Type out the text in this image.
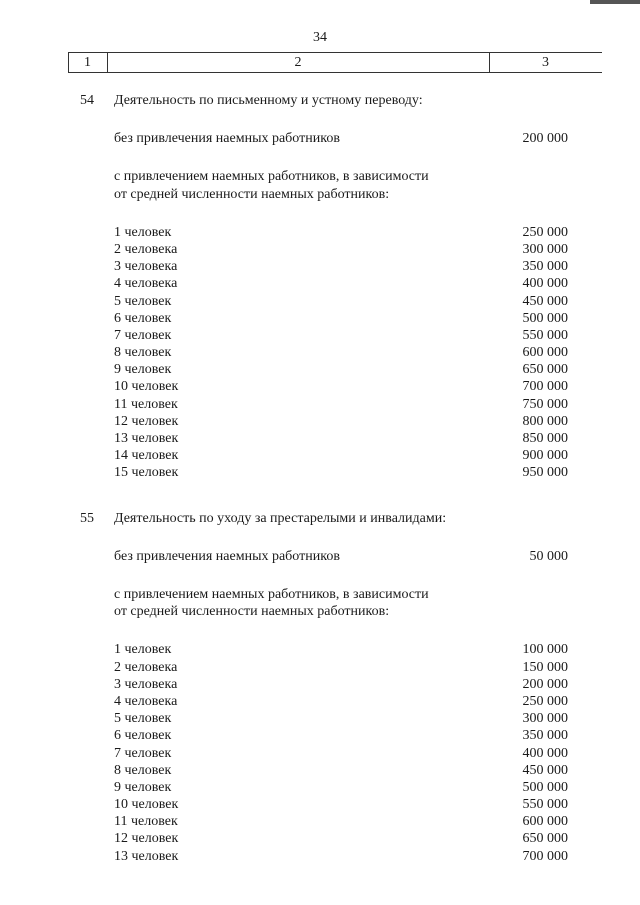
34
1	2	3
54	Деятельность по письменному и устному переводу:
без привлечения наемных работников	200 000
с привлечением наемных работников, в зависимости
от средней численности наемных работников:
1 человек	250 000
2 человека	300 000
3 человека	350 000
4 человека	400 000
5 человек	450 000
6 человек	500 000
7 человек	550 000
8 человек	600 000
9 человек	650 000
10 человек	700 000
11 человек	750 000
12 человек	800 000
13 человек	850 000
14 человек	900 000
15 человек	950 000
55	Деятельность по уходу за престарелыми и инвалидами:
без привлечения наемных работников	50 000
с привлечением наемных работников, в зависимости
от средней численности наемных работников:
1 человек	100 000
2 человека	150 000
3 человека	200 000
4 человека	250 000
5 человек	300 000
6 человек	350 000
7 человек	400 000
8 человек	450 000
9 человек	500 000
10 человек	550 000
11 человек	600 000
12 человек	650 000
13 человек	700 000
